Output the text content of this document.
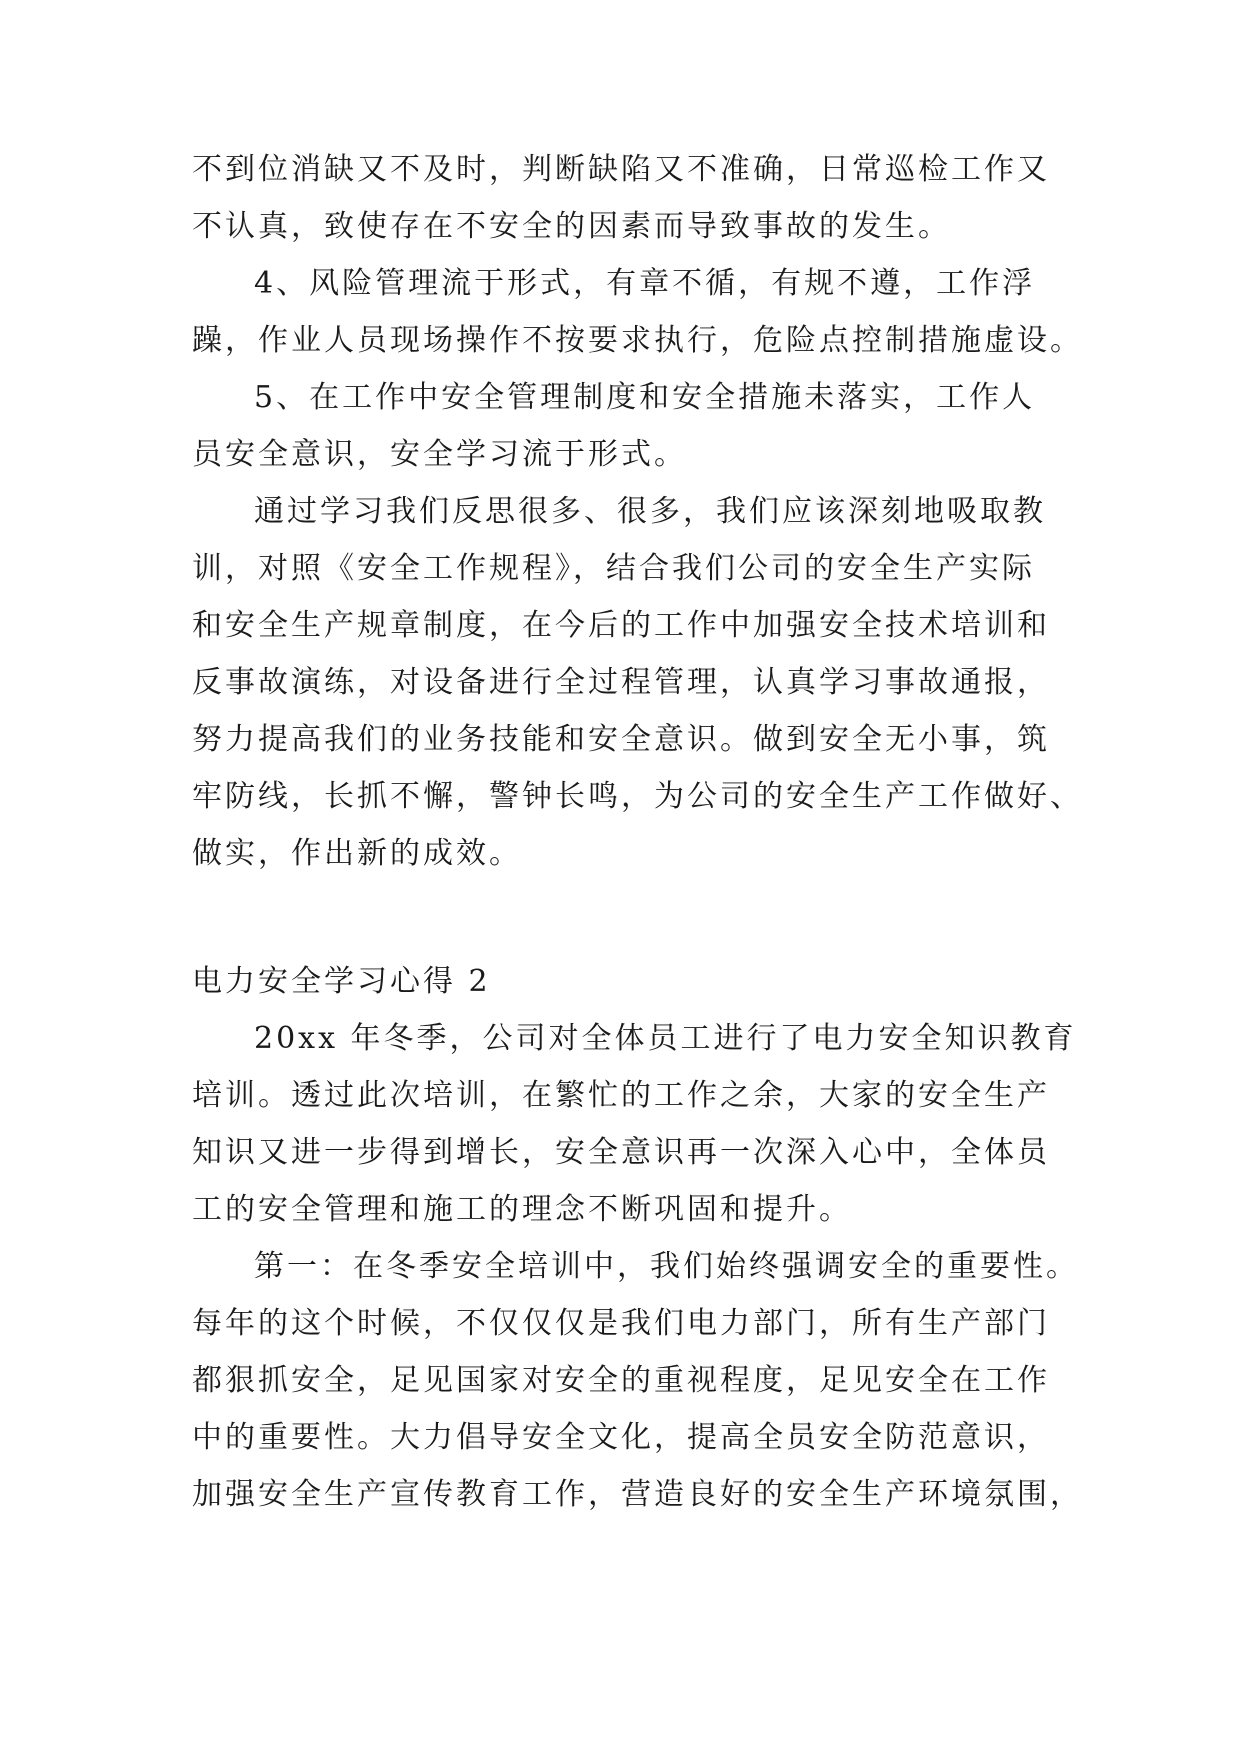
不到位消缺又不及时，判断缺陷又不准确，日常巡检工作又
不认真，致使存在不安全的因素而导致事故的发生。
4、风险管理流于形式，有章不循，有规不遵，工作浮
躁，作业人员现场操作不按要求执行，危险点控制措施虚设。
5、在工作中安全管理制度和安全措施未落实，工作人
员安全意识，安全学习流于形式。
通过学习我们反思很多、很多，我们应该深刻地吸取教
训，对照《安全工作规程》，结合我们公司的安全生产实际
和安全生产规章制度，在今后的工作中加强安全技术培训和
反事故演练，对设备进行全过程管理，认真学习事故通报，
努力提高我们的业务技能和安全意识。做到安全无小事，筑
牢防线，长抓不懈，警钟长鸣，为公司的安全生产工作做好、
做实，作出新的成效。
电力安全学习心得 2
20xx 年冬季，公司对全体员工进行了电力安全知识教育
培训。透过此次培训，在繁忙的工作之余，大家的安全生产
知识又进一步得到增长，安全意识再一次深入心中，全体员
工的安全管理和施工的理念不断巩固和提升。
第一：在冬季安全培训中，我们始终强调安全的重要性。
每年的这个时候，不仅仅仅是我们电力部门，所有生产部门
都狠抓安全，足见国家对安全的重视程度，足见安全在工作
中的重要性。大力倡导安全文化，提高全员安全防范意识，
加强安全生产宣传教育工作，营造良好的安全生产环境氛围，
